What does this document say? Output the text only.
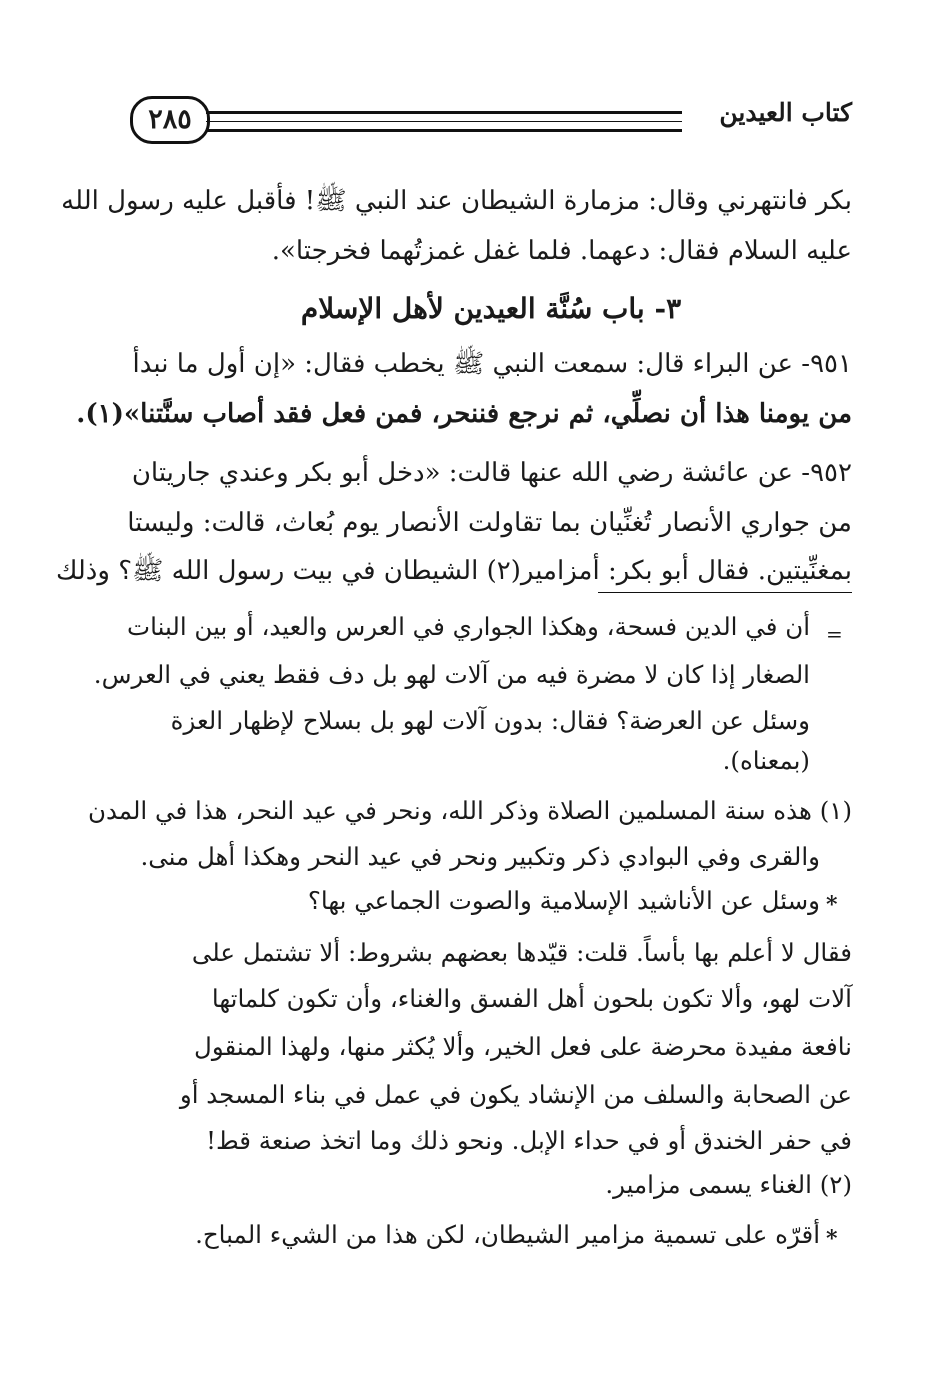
٢٨٥	كتاب العيدين
بكر فانتهرني وقال: مزمارة الشيطان عند النبي ﷺ! فأقبل عليه رسول الله
عليه السلام فقال: دعهما. فلما غفل غمزتُهما فخرجتا».
٣- باب سُنَّة العيدين لأهل الإسلام
٩٥١- عن البراء قال: سمعت النبي ﷺ يخطب فقال: «إن أول ما نبدأ
من يومنا هذا أن نصلِّي، ثم نرجع فننحر، فمن فعل فقد أصاب سنَّتنا»(١).
٩٥٢- عن عائشة رضي الله عنها قالت: «دخل أبو بكر وعندي جاريتان
من جواري الأنصار تُغنِّيان بما تقاولت الأنصار يوم بُعاث، قالت: وليستا
بمغنِّيتين. فقال أبو بكر: أمزامير(٢) الشيطان في بيت رسول الله ﷺ؟ وذلك
=
أن في الدين فسحة، وهكذا الجواري في العرس والعيد، أو بين البنات
الصغار إذا كان لا مضرة فيه من آلات لهو بل دف فقط يعني في العرس.
وسئل عن العرضة؟ فقال: بدون آلات لهو بل بسلاح لإظهار العزة
(بمعناه).
(١) هذه سنة المسلمين الصلاة وذكر الله، ونحر في عيد النحر، هذا في المدن
والقرى وفي البوادي ذكر وتكبير ونحر في عيد النحر وهكذا أهل منى.
*
وسئل عن الأناشيد الإسلامية والصوت الجماعي بها؟
فقال لا أعلم بها بأساً. قلت: قيّدها بعضهم بشروط: ألا تشتمل على
آلات لهو، وألا تكون بلحون أهل الفسق والغناء، وأن تكون كلماتها
نافعة مفيدة محرضة على فعل الخير، وألا يُكثر منها، ولهذا المنقول
عن الصحابة والسلف من الإنشاد يكون في عمل في بناء المسجد أو
في حفر الخندق أو في حداء الإبل. ونحو ذلك وما اتخذ صنعة قط!
(٢) الغناء يسمى مزامير.
*
أقرّه على تسمية مزامير الشيطان، لكن هذا من الشيء المباح.
